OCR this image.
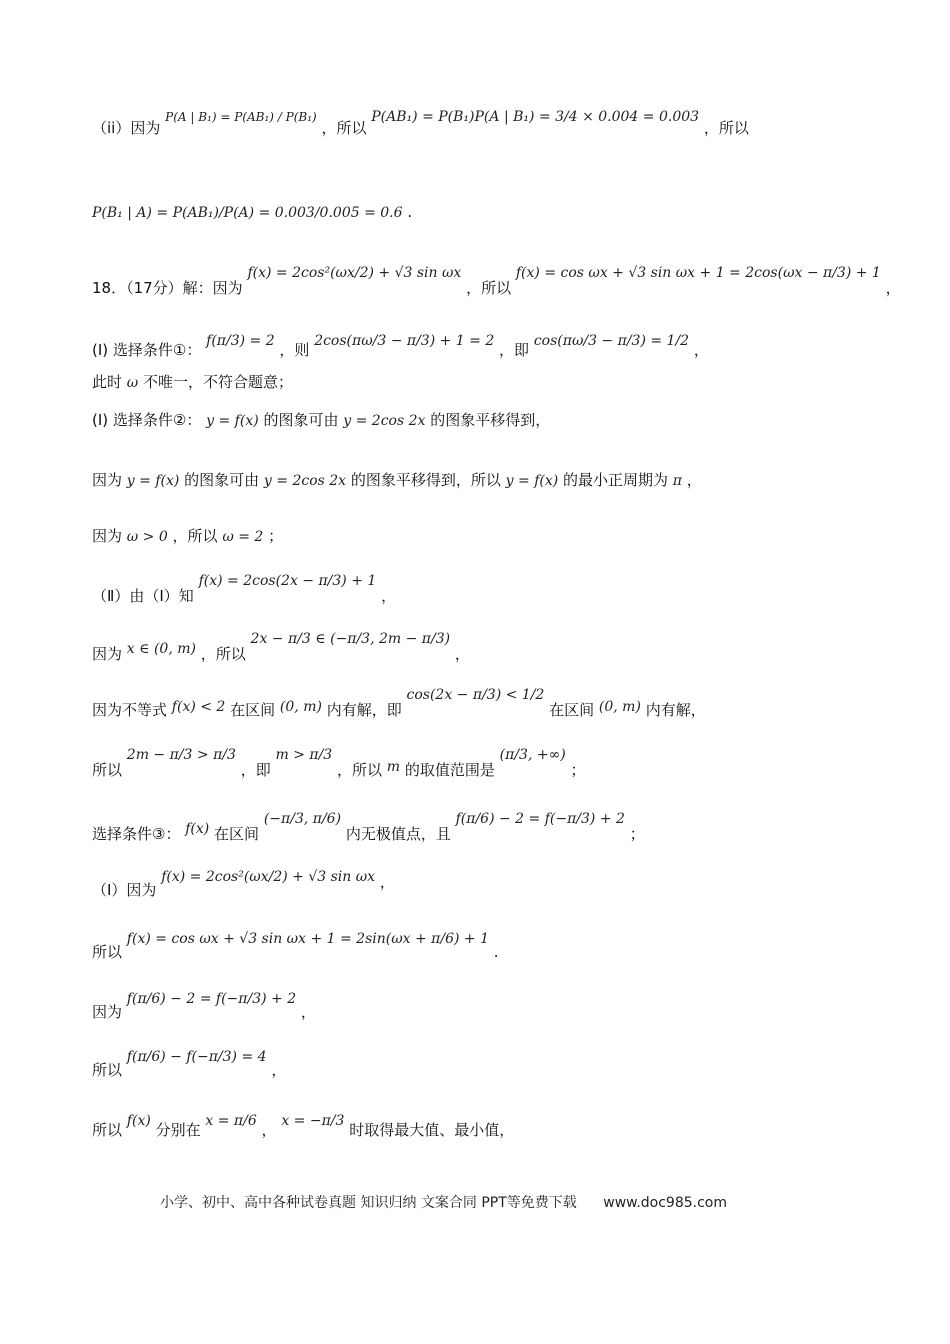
（ii）因为 P(A | B₁) = P(AB₁) / P(B₁) ，所以 P(AB₁) = P(B₁)P(A | B₁) = 3/4 × 0.004 = 0.003 ，所以
P(B₁ | A) = P(AB₁)/P(A) = 0.003/0.005 = 0.6 .
18．（17分）解：因为 f(x) = 2cos²(ωx/2) + √3 sin ωx ，所以 f(x) = cos ωx + √3 sin ωx + 1 = 2cos(ωx − π/3) + 1 ，
(I) 选择条件①： f(π/3) = 2 ，则 2cos(πω/3 − π/3) + 1 = 2 ，即 cos(πω/3 − π/3) = 1/2 ，
此时 ω 不唯一，不符合题意；
(I) 选择条件②： y = f(x) 的图象可由 y = 2cos 2x 的图象平移得到，
因为 y = f(x) 的图象可由 y = 2cos 2x 的图象平移得到，所以 y = f(x) 的最小正周期为 π ，
因为 ω > 0 ，所以 ω = 2 ；
（Ⅱ）由（Ⅰ）知 f(x) = 2cos(2x − π/3) + 1 ，
因为 x ∈ (0, m) ，所以 2x − π/3 ∈ (−π/3, 2m − π/3) ，
因为不等式 f(x) < 2 在区间 (0, m) 内有解，即 cos(2x − π/3) < 1/2 在区间 (0, m) 内有解，
所以 2m − π/3 > π/3 ，即 m > π/3 ，所以 m 的取值范围是 (π/3, +∞) ；
选择条件③： f(x) 在区间 (−π/3, π/6) 内无极值点，且 f(π/6) − 2 = f(−π/3) + 2 ；
（Ⅰ）因为 f(x) = 2cos²(ωx/2) + √3 sin ωx ，
所以 f(x) = cos ωx + √3 sin ωx + 1 = 2sin(ωx + π/6) + 1 .
因为 f(π/6) − 2 = f(−π/3) + 2 ，
所以 f(π/6) − f(−π/3) = 4 ，
所以 f(x) 分别在 x = π/6 ， x = −π/3 时取得最大值、最小值，
小学、初中、高中各种试卷真题 知识归纳 文案合同 PPT等免费下载 www.doc985.com
